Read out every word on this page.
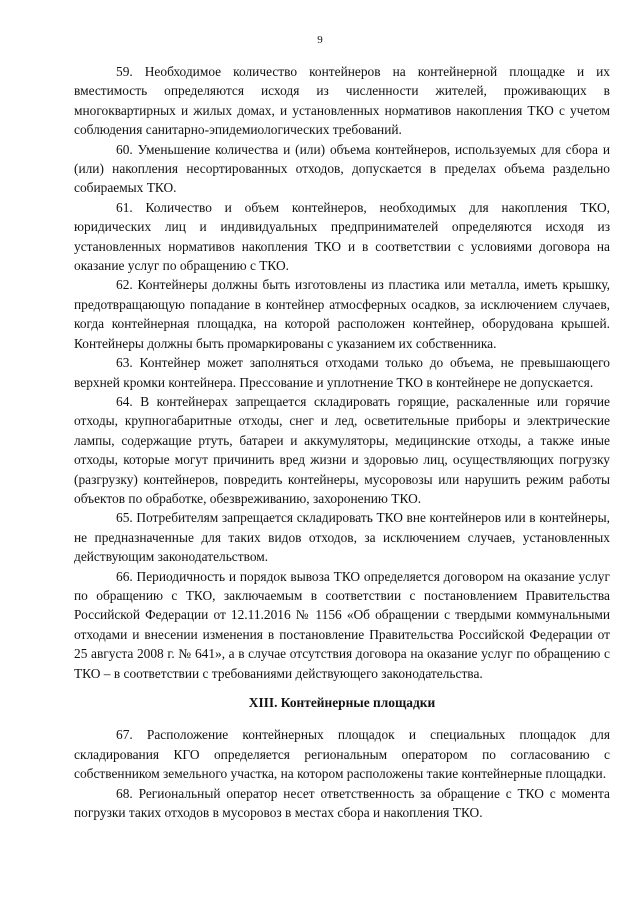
9

59. Необходимое количество контейнеров на контейнерной площадке и их вместимость определяются исходя из численности жителей, проживающих в многоквартирных и жилых домах, и установленных нормативов накопления ТКО с учетом соблюдения санитарно-эпидемиологических требований.

60. Уменьшение количества и (или) объема контейнеров, используемых для сбора и (или) накопления несортированных отходов, допускается в пределах объема раздельно собираемых ТКО.

61. Количество и объем контейнеров, необходимых для накопления ТКО, юридических лиц и индивидуальных предпринимателей определяются исходя из установленных нормативов накопления ТКО и в соответствии с условиями договора на оказание услуг по обращению с ТКО.

62. Контейнеры должны быть изготовлены из пластика или металла, иметь крышку, предотвращающую попадание в контейнер атмосферных осадков, за исключением случаев, когда контейнерная площадка, на которой расположен контейнер, оборудована крышей. Контейнеры должны быть промаркированы с указанием их собственника.

63. Контейнер может заполняться отходами только до объема, не превышающего верхней кромки контейнера. Прессование и уплотнение ТКО в контейнере не допускается.

64. В контейнерах запрещается складировать горящие, раскаленные или горячие отходы, крупногабаритные отходы, снег и лед, осветительные приборы и электрические лампы, содержащие ртуть, батареи и аккумуляторы, медицинские отходы, а также иные отходы, которые могут причинить вред жизни и здоровью лиц, осуществляющих погрузку (разгрузку) контейнеров, повредить контейнеры, мусоровозы или нарушить режим работы объектов по обработке, обезвреживанию, захоронению ТКО.

65. Потребителям запрещается складировать ТКО вне контейнеров или в контейнеры, не предназначенные для таких видов отходов, за исключением случаев, установленных действующим законодательством.

66. Периодичность и порядок вывоза ТКО определяется договором на оказание услуг по обращению с ТКО, заключаемым в соответствии с постановлением Правительства Российской Федерации от 12.11.2016 № 1156 «Об обращении с твердыми коммунальными отходами и внесении изменения в постановление Правительства Российской Федерации от 25 августа 2008 г. № 641», а в случае отсутствия договора на оказание услуг по обращению с ТКО – в соответствии с требованиями действующего законодательства.

XIII. Контейнерные площадки

67. Расположение контейнерных площадок и специальных площадок для складирования КГО определяется региональным оператором по согласованию с собственником земельного участка, на котором расположены такие контейнерные площадки.

68. Региональный оператор несет ответственность за обращение с ТКО с момента погрузки таких отходов в мусоровоз в местах сбора и накопления ТКО.
